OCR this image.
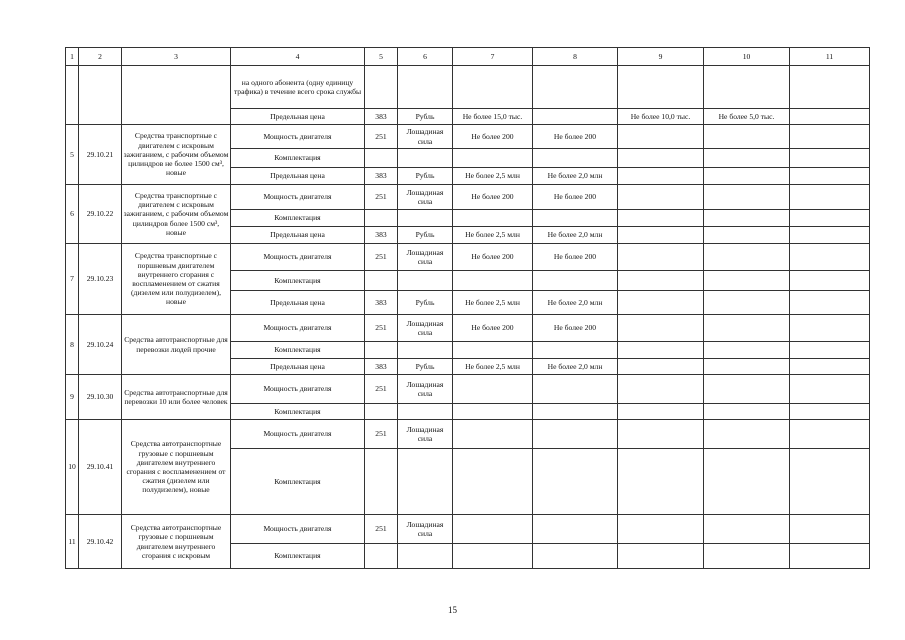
1	2	3	4	5	6	7	8	9	10	11
			на одного абонента (одну единицу трафика) в течение всего срока службы							
			Предельная цена	383	Рубль	Не более 15,0 тыс.		Не более 10,0 тыс.	Не более 5,0 тыс.	
5	29.10.21	Средства транспортные с двигателем с искровым зажиганием, с рабочим объемом цилиндров не более 1500 см³, новые	Мощность двигателя	251	Лошадиная сила	Не более 200	Не более 200			
			Комплектация							
			Предельная цена	383	Рубль	Не более 2,5 млн	Не более 2,0 млн			
6	29.10.22	Средства транспортные с двигателем с искровым зажиганием, с рабочим объемом цилиндров более 1500 см³, новые	Мощность двигателя	251	Лошадиная сила	Не более 200	Не более 200			
			Комплектация							
			Предельная цена	383	Рубль	Не более 2,5 млн	Не более 2,0 млн			
7	29.10.23	Средства транспортные с поршневым двигателем внутреннего сгорания с воспламенением от сжатия (дизелем или полудизелем), новые	Мощность двигателя	251	Лошадиная сила	Не более 200	Не более 200			
			Комплектация							
			Предельная цена	383	Рубль	Не более 2,5 млн	Не более 2,0 млн			
8	29.10.24	Средства автотранспортные для перевозки людей прочие	Мощность двигателя	251	Лошадиная сила	Не более 200	Не более 200			
			Комплектация							
			Предельная цена	383	Рубль	Не более 2,5 млн	Не более 2,0 млн			
9	29.10.30	Средства автотранспортные для перевозки 10 или более человек	Мощность двигателя	251	Лошадиная сила					
			Комплектация							
10	29.10.41	Средства автотранспортные грузовые с поршневым двигателем внутреннего сгорания с воспламенением от сжатия (дизелем или полудизелем), новые	Мощность двигателя	251	Лошадиная сила					
			Комплектация							
11	29.10.42	Средства автотранспортные грузовые с поршневым двигателем внутреннего сгорания с искровым	Мощность двигателя	251	Лошадиная сила					
			Комплектация							
15
